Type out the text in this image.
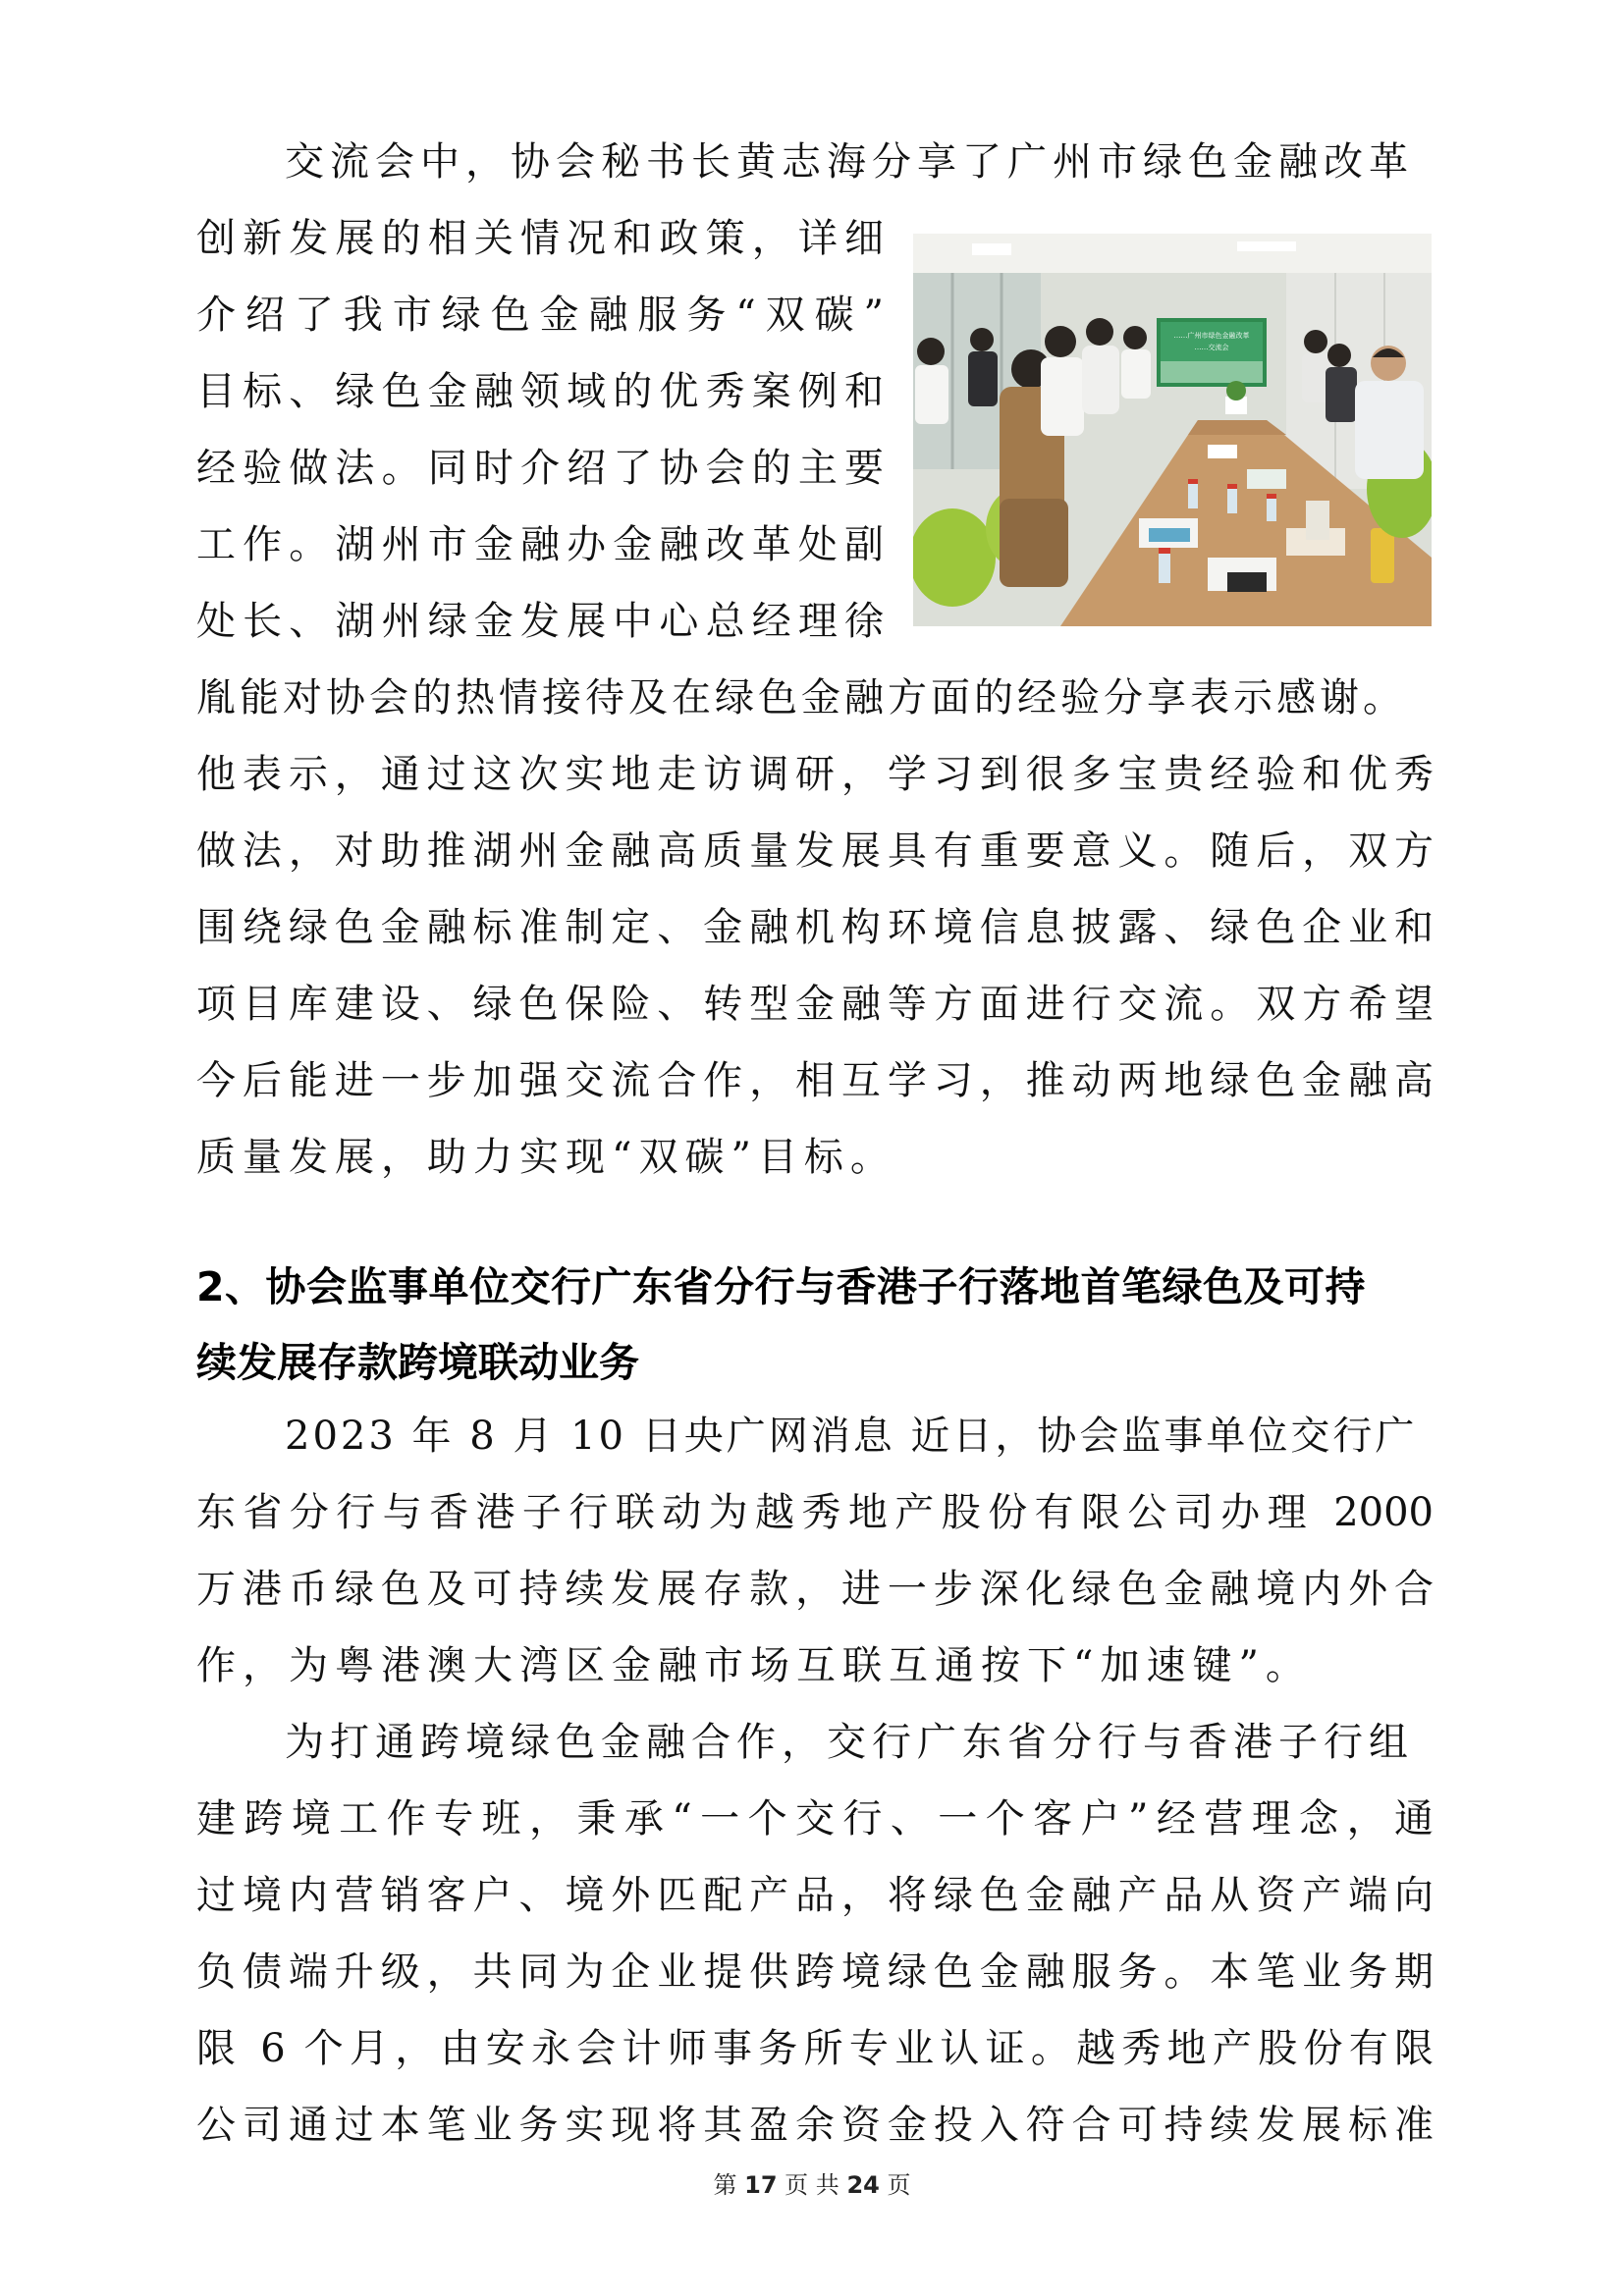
交流会中，协会秘书长黄志海分享了广州市绿色金融改革
创新发展的相关情况和政策，详细
介绍了我市绿色金融服务“双碳”
目标、绿色金融领域的优秀案例和
经验做法。同时介绍了协会的主要
工作。湖州市金融办金融改革处副
处长、湖州绿金发展中心总经理徐
胤能对协会的热情接待及在绿色金融方面的经验分享表示感谢。
他表示，通过这次实地走访调研，学习到很多宝贵经验和优秀
做法，对助推湖州金融高质量发展具有重要意义。随后，双方
围绕绿色金融标准制定、金融机构环境信息披露、绿色企业和
项目库建设、绿色保险、转型金融等方面进行交流。双方希望
今后能进一步加强交流合作，相互学习，推动两地绿色金融高
质量发展，助力实现“双碳”目标。
……广州市绿色金融改革
……交流会
2、协会监事单位交行广东省分行与香港子行落地首笔绿色及可持
续发展存款跨境联动业务
2023 年 8 月 10 日央广网消息 近日，协会监事单位交行广
东省分行与香港子行联动为越秀地产股份有限公司办理 2000
万港币绿色及可持续发展存款，进一步深化绿色金融境内外合
作，为粤港澳大湾区金融市场互联互通按下“加速键”。
为打通跨境绿色金融合作，交行广东省分行与香港子行组
建跨境工作专班，秉承“一个交行、一个客户”经营理念，通
过境内营销客户、境外匹配产品，将绿色金融产品从资产端向
负债端升级，共同为企业提供跨境绿色金融服务。本笔业务期
限 6 个月，由安永会计师事务所专业认证。越秀地产股份有限
公司通过本笔业务实现将其盈余资金投入符合可持续发展标准
第 17 页 共 24 页
